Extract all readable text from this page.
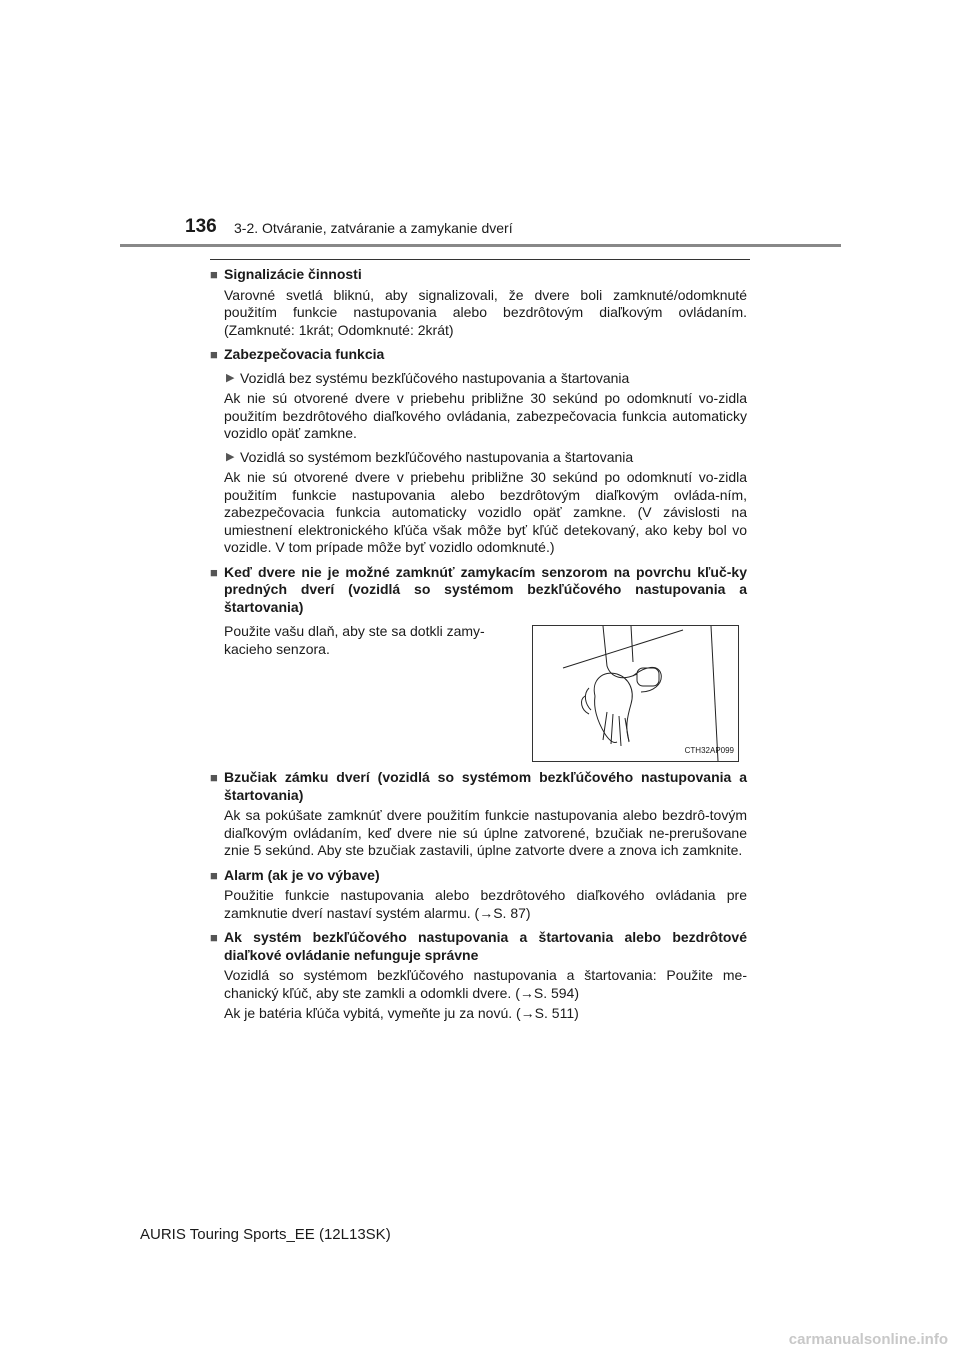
136 3-2. Otváranie, zatváranie a zamykanie dverí

■ Signalizácie činnosti

Varovné svetlá bliknú, aby signalizovali, že dvere boli zamknuté/odomknuté použitím funkcie nastupovania alebo bezdrôtovým diaľkovým ovládaním. (Zamknuté: 1krát; Odomknuté: 2krát)

■ Zabezpečovacia funkcia

▶ Vozidlá bez systému bezkľúčového nastupovania a štartovania

Ak nie sú otvorené dvere v priebehu približne 30 sekúnd po odomknutí vo-zidla použitím bezdrôtového diaľkového ovládania, zabezpečovacia funkcia automaticky vozidlo opäť zamkne.

▶ Vozidlá so systémom bezkľúčového nastupovania a štartovania

Ak nie sú otvorené dvere v priebehu približne 30 sekúnd po odomknutí vo-zidla použitím funkcie nastupovania alebo bezdrôtovým diaľkovým ovláda-ním, zabezpečovacia funkcia automaticky vozidlo opäť zamkne. (V závislosti na umiestnení elektronického kľúča však môže byť kľúč detekovaný, ako keby bol vo vozidle. V tom prípade môže byť vozidlo odomknuté.)

■ Keď dvere nie je možné zamknúť zamykacím senzorom na povrchu kľuč-ky predných dverí (vozidlá so systémom bezkľúčového nastupovania a štartovania)

Použite vašu dlaň, aby ste sa dotkli zamy-kacieho senzora.

CTH32AP099

■ Bzučiak zámku dverí (vozidlá so systémom bezkľúčového nastupovania a štartovania)

Ak sa pokúšate zamknúť dvere použitím funkcie nastupovania alebo bezdrô-tovým diaľkovým ovládaním, keď dvere nie sú úplne zatvorené, bzučiak ne-prerušovane znie 5 sekúnd. Aby ste bzučiak zastavili, úplne zatvorte dvere a znova ich zamknite.

■ Alarm (ak je vo výbave)

Použitie funkcie nastupovania alebo bezdrôtového diaľkového ovládania pre zamknutie dverí nastaví systém alarmu. (→S. 87)

■ Ak systém bezkľúčového nastupovania a štartovania alebo bezdrôtové diaľkové ovládanie nefunguje správne

Vozidlá so systémom bezkľúčového nastupovania a štartovania: Použite me-chanický kľúč, aby ste zamkli a odomkli dvere. (→S. 594)

Ak je batéria kľúča vybitá, vymeňte ju za novú. (→S. 511)

AURIS Touring Sports_EE (12L13SK)
carmanualsonline.info
